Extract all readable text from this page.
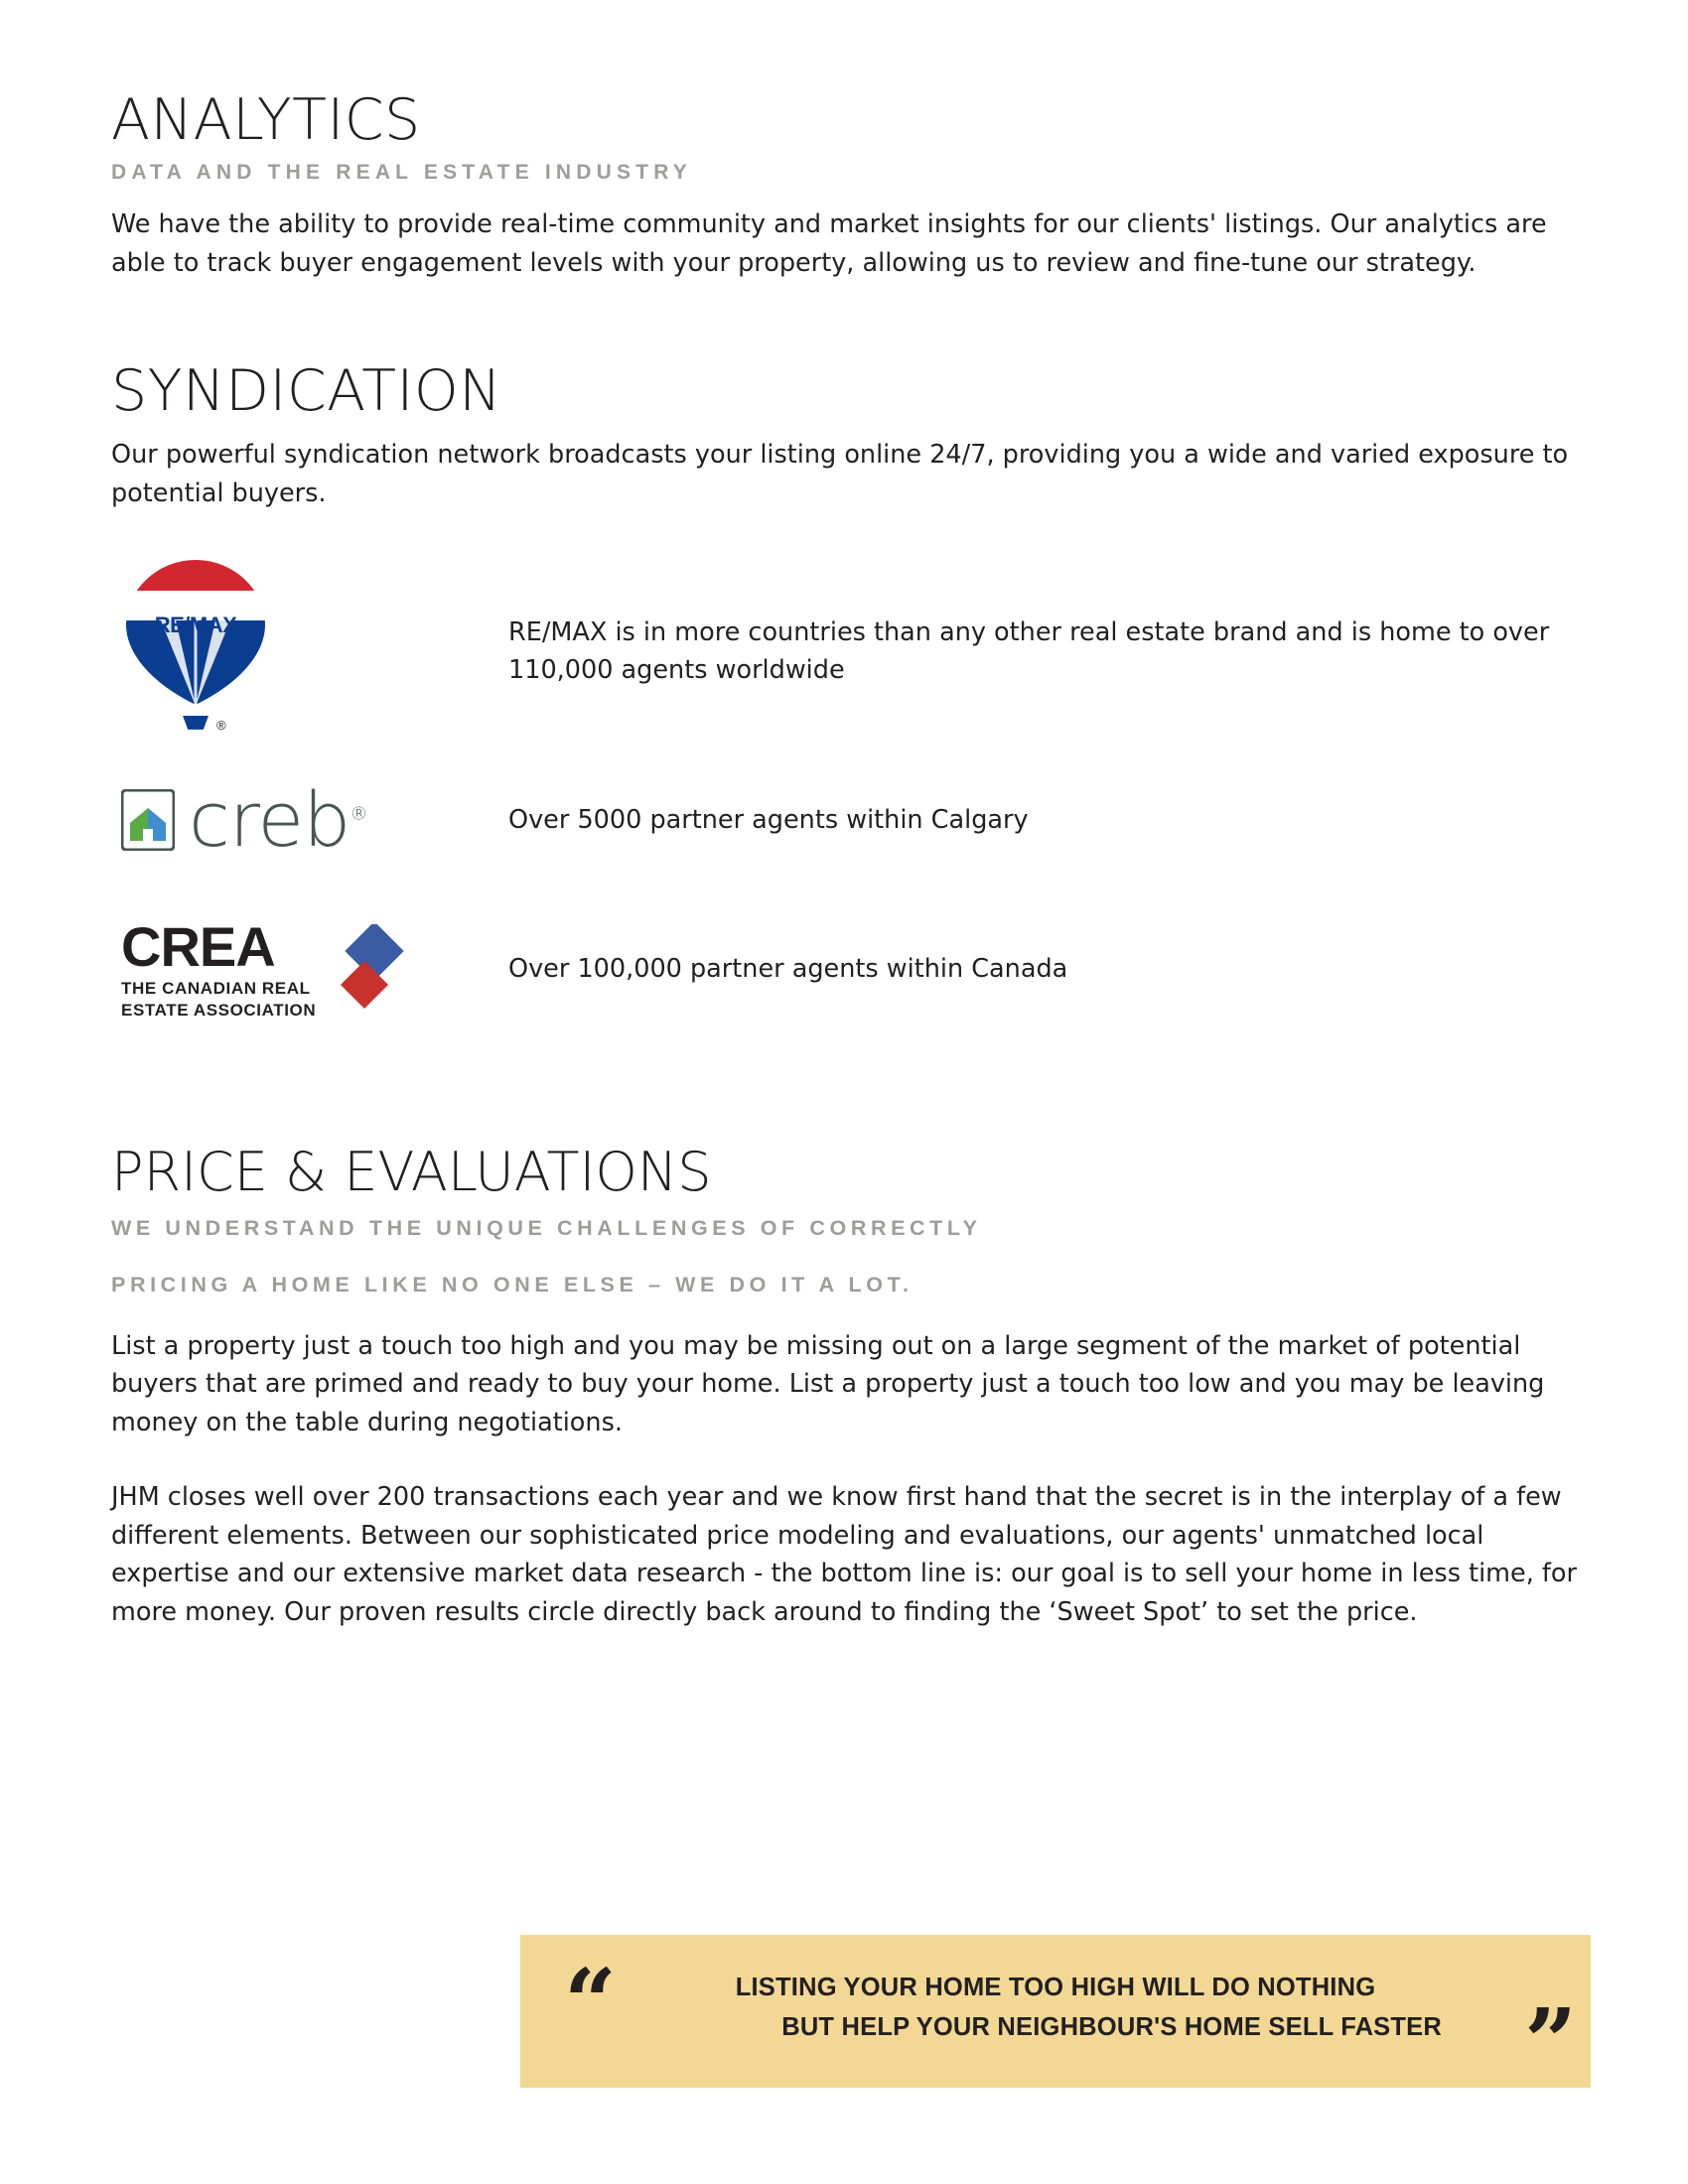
ANALYTICS
DATA AND THE REAL ESTATE INDUSTRY

We have the ability to provide real-time community and market insights for our clients' listings. Our analytics are able to track buyer engagement levels with your property, allowing us to review and fine-tune our strategy.

SYNDICATION

Our powerful syndication network broadcasts your listing online 24/7, providing you a wide and varied exposure to potential buyers.

RE/MAX
®
RE/MAX is in more countries than any other real estate brand and is home to over 110,000 agents worldwide
creb®	Over 5000 partner agents within Calgary
CREA
THE CANADIAN REAL
ESTATE ASSOCIATION
Over 100,000 partner agents within Canada
PRICE & EVALUATIONS
WE UNDERSTAND THE UNIQUE CHALLENGES OF CORRECTLY
PRICING A HOME LIKE NO ONE ELSE – WE DO IT A LOT.

List a property just a touch too high and you may be missing out on a large segment of the market of potential buyers that are primed and ready to buy your home. List a property just a touch too low and you may be leaving money on the table during negotiations.

JHM closes well over 200 transactions each year and we know first hand that the secret is in the interplay of a few different elements. Between our sophisticated price modeling and evaluations, our agents' unmatched local expertise and our extensive market data research - the bottom line is: our goal is to sell your home in less time, for more money. Our proven results circle directly back around to finding the ‘Sweet Spot’ to set the price.

“	LISTING YOUR HOME TOO HIGH WILL DO NOTHING
BUT HELP YOUR NEIGHBOUR'S HOME SELL FASTER ”
